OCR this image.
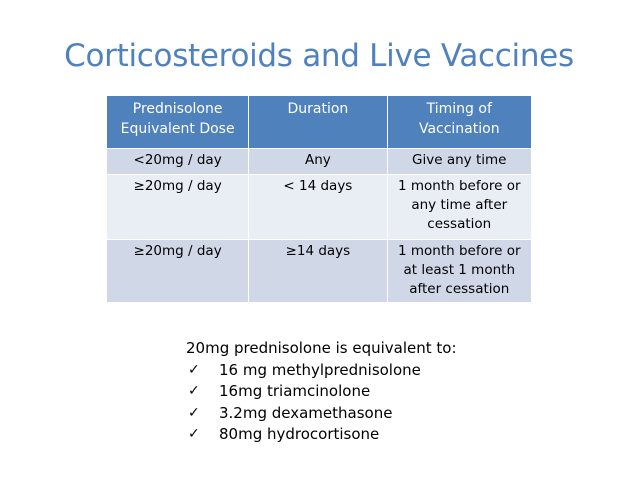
Corticosteroids and Live Vaccines
Prednisolone Equivalent Dose	Duration	Timing of Vaccination
<20mg / day	Any	Give any time
≥20mg / day	< 14 days	1 month before or any time after cessation
≥20mg / day	≥14 days	1 month before or at least 1 month after cessation
20mg prednisolone is equivalent to:
✓ 16 mg methylprednisolone
✓ 16mg triamcinolone
✓ 3.2mg dexamethasone
✓ 80mg hydrocortisone
